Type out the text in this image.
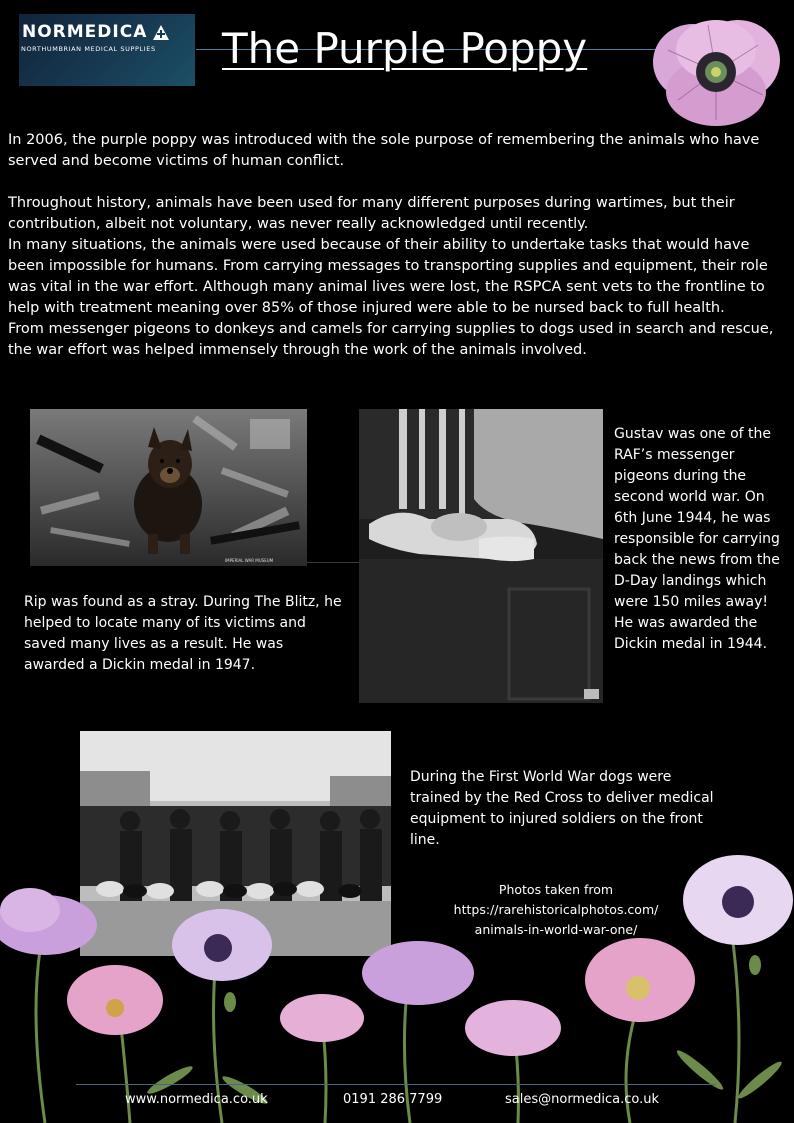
NORMEDICA
NORTHUMBRIAN MEDICAL SUPPLIES The Purple Poppy

In 2006, the purple poppy was introduced with the sole purpose of remembering the animals who have served and become victims of human conflict.

Throughout history, animals have been used for many different purposes during wartimes, but their contribution, albeit not voluntary, was never really acknowledged until recently.

In many situations, the animals were used because of their ability to undertake tasks that would have been impossible for humans. From carrying messages to transporting supplies and equipment, their role was vital in the war effort. Although many animal lives were lost, the RSPCA sent vets to the frontline to help with treatment meaning over 85% of those injured were able to be nursed back to full health.

From messenger pigeons to donkeys and camels for carrying supplies to dogs used in search and rescue, the war effort was helped immensely through the work of the animals involved.

IMPERIAL WAR MUSEUM
Rip was found as a stray. During The Blitz, he helped to locate many of its victims and saved many lives as a result. He was awarded a Dickin medal in 1947.
Gustav was one of the RAF’s messenger pigeons during the second world war. On 6th June 1944, he was responsible for carrying back the news from the D-Day landings which were 150 miles away!
He was awarded the Dickin medal in 1944.
During the First World War dogs were trained by the Red Cross to deliver medical equipment to injured soldiers on the front line.
Photos taken from
https://rarehistoricalphotos.com/
animals-in-world-war-one/
www.normedica.co.uk	0191 286 7799	sales@normedica.co.uk
